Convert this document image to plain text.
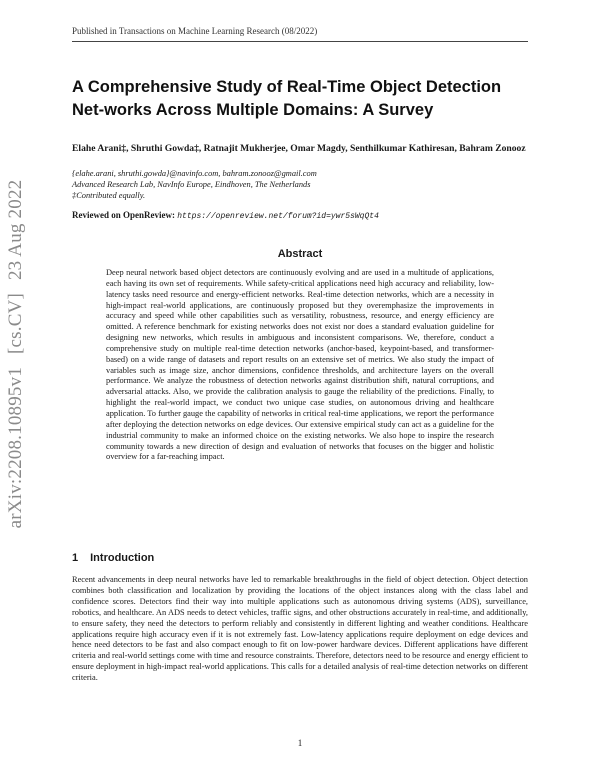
Published in Transactions on Machine Learning Research (08/2022)
arXiv:2208.10895v1 [cs.CV] 23 Aug 2022
A Comprehensive Study of Real-Time Object Detection Net-works Across Multiple Domains: A Survey
Elahe Arani‡, Shruthi Gowda‡, Ratnajit Mukherjee, Omar Magdy, Senthilkumar Kathiresan, Bahram Zonooz
{elahe.arani, shruthi.gowda}@navinfo.com, bahram.zonooz@gmail.com
Advanced Research Lab, NavInfo Europe, Eindhoven, The Netherlands
‡Contributed equally.
Reviewed on OpenReview: https://openreview.net/forum?id=ywr5sWqQt4
Abstract
Deep neural network based object detectors are continuously evolving and are used in a multitude of applications, each having its own set of requirements. While safety-critical applications need high accuracy and reliability, low-latency tasks need resource and energy-efficient networks. Real-time detection networks, which are a necessity in high-impact real-world applications, are continuously proposed but they overemphasize the improvements in accuracy and speed while other capabilities such as versatility, robustness, resource, and energy efficiency are omitted. A reference benchmark for existing networks does not exist nor does a standard evaluation guideline for designing new networks, which results in ambiguous and inconsistent comparisons. We, therefore, conduct a comprehensive study on multiple real-time detection networks (anchor-based, keypoint-based, and transformer-based) on a wide range of datasets and report results on an extensive set of metrics. We also study the impact of variables such as image size, anchor dimensions, confidence thresholds, and architecture layers on the overall performance. We analyze the robustness of detection networks against distribution shift, natural corruptions, and adversarial attacks. Also, we provide the calibration analysis to gauge the reliability of the predictions. Finally, to highlight the real-world impact, we conduct two unique case studies, on autonomous driving and healthcare application. To further gauge the capability of networks in critical real-time applications, we report the performance after deploying the detection networks on edge devices. Our extensive empirical study can act as a guideline for the industrial community to make an informed choice on the existing networks. We also hope to inspire the research community towards a new direction of design and evaluation of networks that focuses on the bigger and holistic overview for a far-reaching impact.
1 Introduction
Recent advancements in deep neural networks have led to remarkable breakthroughs in the field of object detection. Object detection combines both classification and localization by providing the locations of the object instances along with the class label and confidence scores. Detectors find their way into multiple applications such as autonomous driving systems (ADS), surveillance, robotics, and healthcare. An ADS needs to detect vehicles, traffic signs, and other obstructions accurately in real-time, and additionally, to ensure safety, they need the detectors to perform reliably and consistently in different lighting and weather conditions. Healthcare applications require high accuracy even if it is not extremely fast. Low-latency applications require deployment on edge devices and hence need detectors to be fast and also compact enough to fit on low-power hardware devices. Different applications have different criteria and real-world settings come with time and resource constraints. Therefore, detectors need to be resource and energy efficient to ensure deployment in high-impact real-world applications. This calls for a detailed analysis of real-time detection networks on different criteria.
1
